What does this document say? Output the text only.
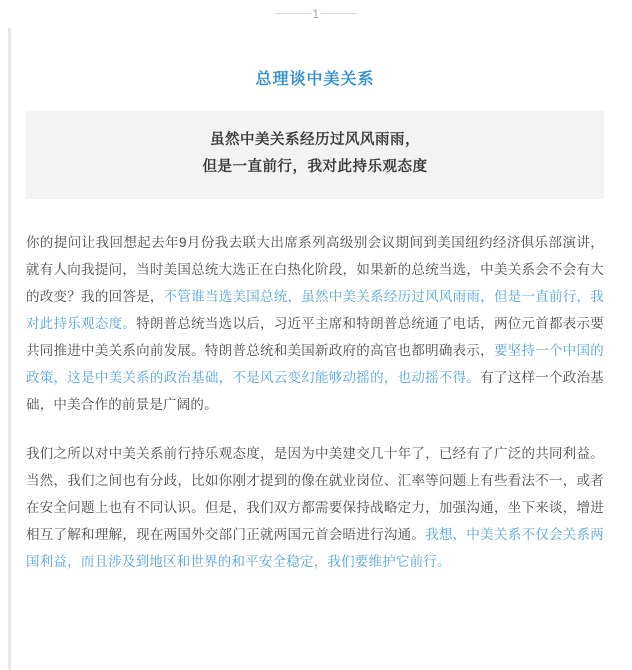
1
总理谈中美关系
虽然中美关系经历过风风雨雨，
但是一直前行，我对此持乐观态度

你的提问让我回想起去年9月份我去联大出席系列高级别会议期间到美国纽约经济俱乐部演讲，就有人向我提问，当时美国总统大选正在白热化阶段，如果新的总统当选，中美关系会不会有大的改变？我的回答是，不管谁当选美国总统，虽然中美关系经历过风风雨雨，但是一直前行，我对此持乐观态度。特朗普总统当选以后，习近平主席和特朗普总统通了电话，两位元首都表示要共同推进中美关系向前发展。特朗普总统和美国新政府的高官也都明确表示，要坚持一个中国的政策，这是中美关系的政治基础，不是风云变幻能够动摇的，也动摇不得。有了这样一个政治基础，中美合作的前景是广阔的。

我们之所以对中美关系前行持乐观态度，是因为中美建交几十年了，已经有了广泛的共同利益。当然，我们之间也有分歧，比如你刚才提到的像在就业岗位、汇率等问题上有些看法不一，或者在安全问题上也有不同认识。但是，我们双方都需要保持战略定力，加强沟通，坐下来谈，增进相互了解和理解，现在两国外交部门正就两国元首会晤进行沟通。我想，中美关系不仅会关系两国利益，而且涉及到地区和世界的和平安全稳定，我们要维护它前行。
